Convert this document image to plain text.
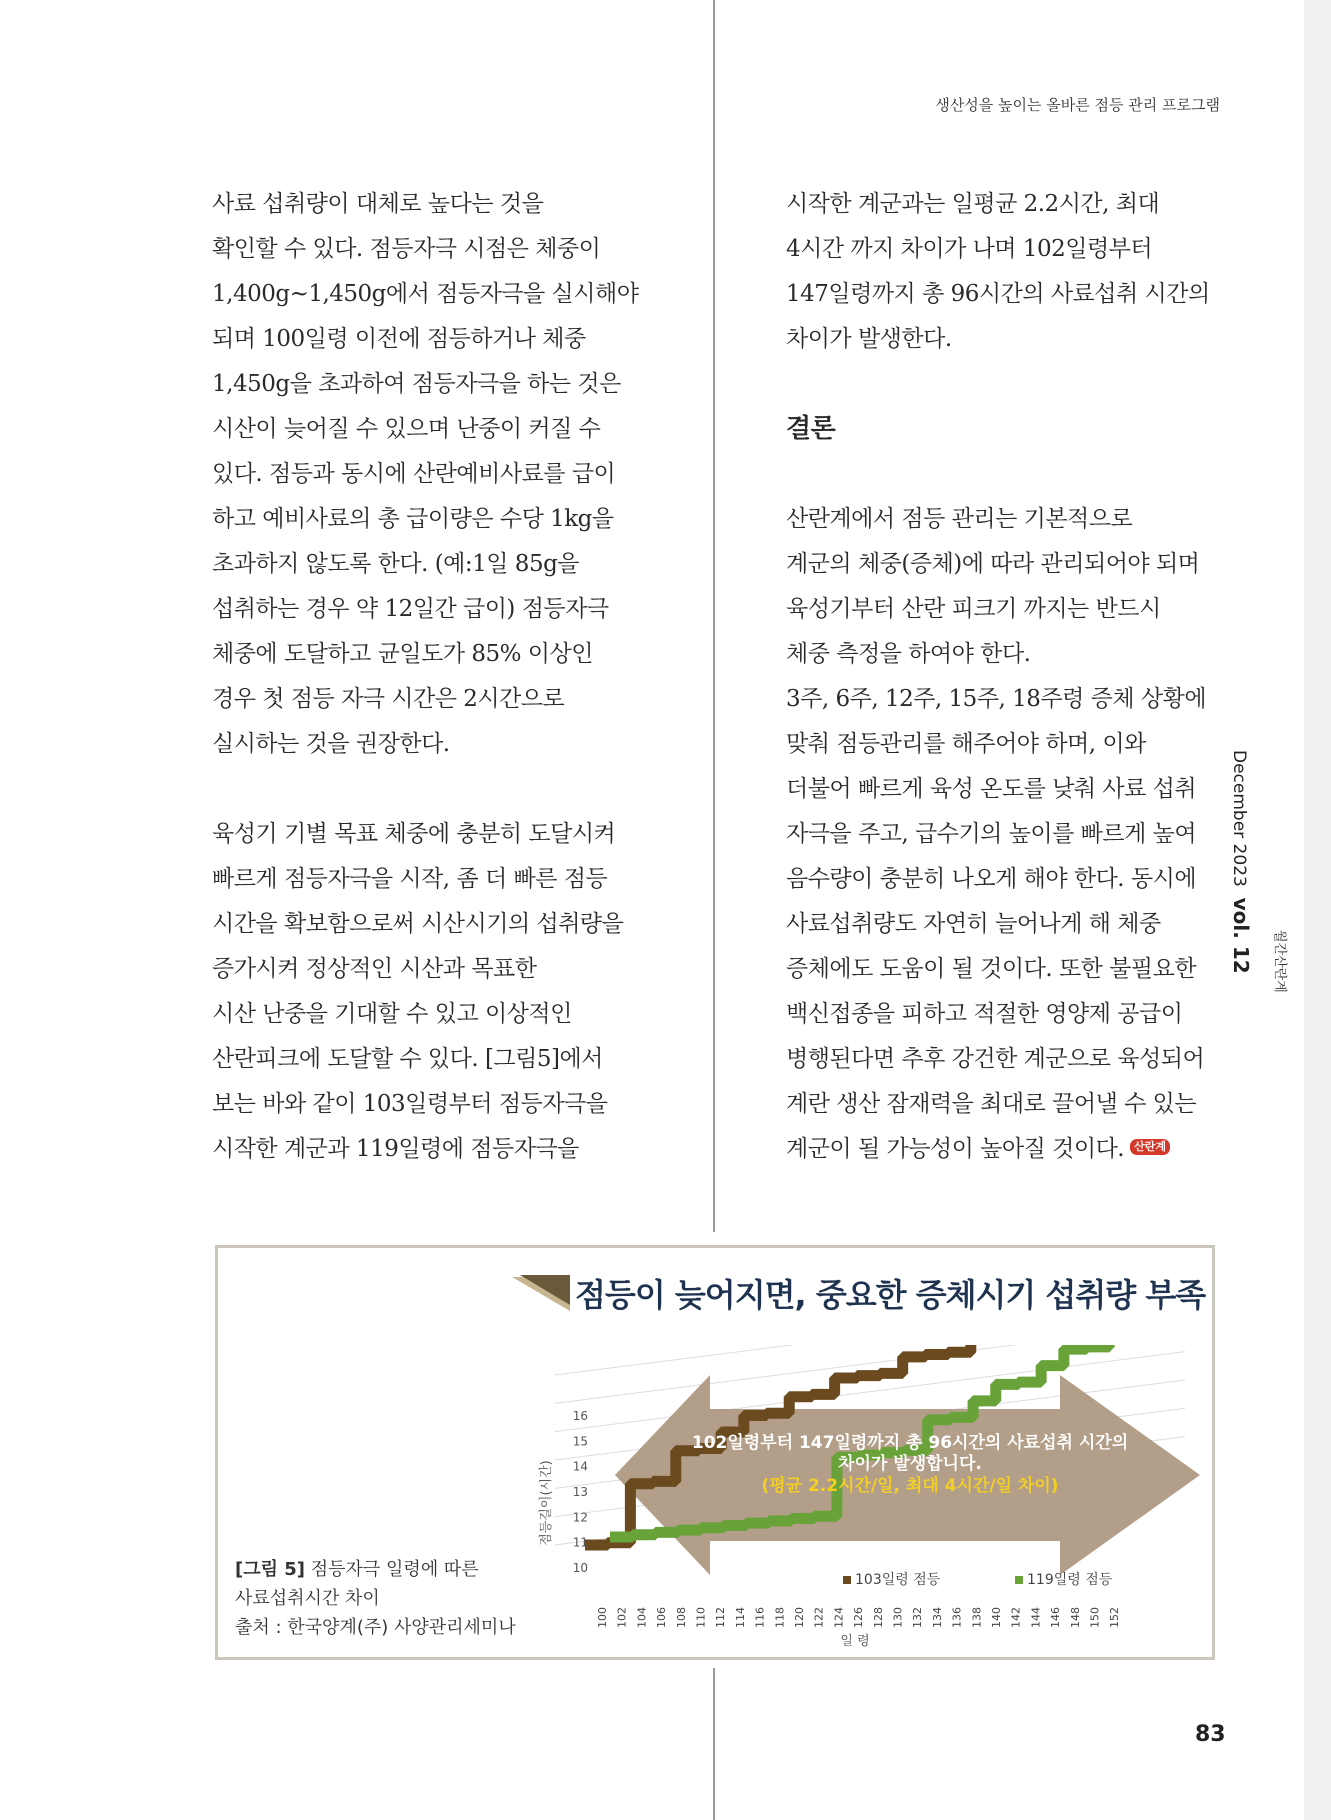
생산성을 높이는 올바른 점등 관리 프로그램

사료 섭취량이 대체로 높다는 것을

확인할 수 있다. 점등자극 시점은 체중이

1,400g~1,450g에서 점등자극을 실시해야

되며 100일령 이전에 점등하거나 체중

1,450g을 초과하여 점등자극을 하는 것은

시산이 늦어질 수 있으며 난중이 커질 수

있다. 점등과 동시에 산란예비사료를 급이

하고 예비사료의 총 급이량은 수당 1kg을

초과하지 않도록 한다. (예:1일 85g을

섭취하는 경우 약 12일간 급이) 점등자극

체중에 도달하고 균일도가 85% 이상인

경우 첫 점등 자극 시간은 2시간으로

실시하는 것을 권장한다.

육성기 기별 목표 체중에 충분히 도달시켜

빠르게 점등자극을 시작, 좀 더 빠른 점등

시간을 확보함으로써 시산시기의 섭취량을

증가시켜 정상적인 시산과 목표한

시산 난중을 기대할 수 있고 이상적인

산란피크에 도달할 수 있다. [그림5]에서

보는 바와 같이 103일령부터 점등자극을

시작한 계군과 119일령에 점등자극을

시작한 계군과는 일평균 2.2시간, 최대

4시간 까지 차이가 나며 102일령부터

147일령까지 총 96시간의 사료섭취 시간의

차이가 발생한다.

결론

산란계에서 점등 관리는 기본적으로

계군의 체중(증체)에 따라 관리되어야 되며

육성기부터 산란 피크기 까지는 반드시

체중 측정을 하여야 한다.

3주, 6주, 12주, 15주, 18주령 증체 상황에

맞춰 점등관리를 해주어야 하며, 이와

더불어 빠르게 육성 온도를 낮춰 사료 섭취

자극을 주고, 급수기의 높이를 빠르게 높여

음수량이 충분히 나오게 해야 한다. 동시에

사료섭취량도 자연히 늘어나게 해 체중

증체에도 도움이 될 것이다. 또한 불필요한

백신접종을 피하고 적절한 영양제 공급이

병행된다면 추후 강건한 계군으로 육성되어

계란 생산 잠재력을 최대로 끌어낼 수 있는

계군이 될 가능성이 높아질 것이다. 산란계

December 2023  vol. 12 월간산란계
점등이 늦어지면, 중요한 증체시기 섭취량 부족
10
11
12
13
14
15
16
100 102 104 106 108 110 112 114 116 118 120 122 124 126 128 130 132 134 136 138 140 142 144 146 148 150 152
102일령부터 147일령까지 총 96시간의 사료섭취 시간의
차이가 발생합니다.
(평균 2.2시간/일, 최대 4시간/일 차이)
점등길이(시간)
일 령
103일령 점등	119일령 점등
[그림 5] 점등자극 일령에 따른
사료섭취시간 차이
출처 : 한국양계(주) 사양관리세미나
83
